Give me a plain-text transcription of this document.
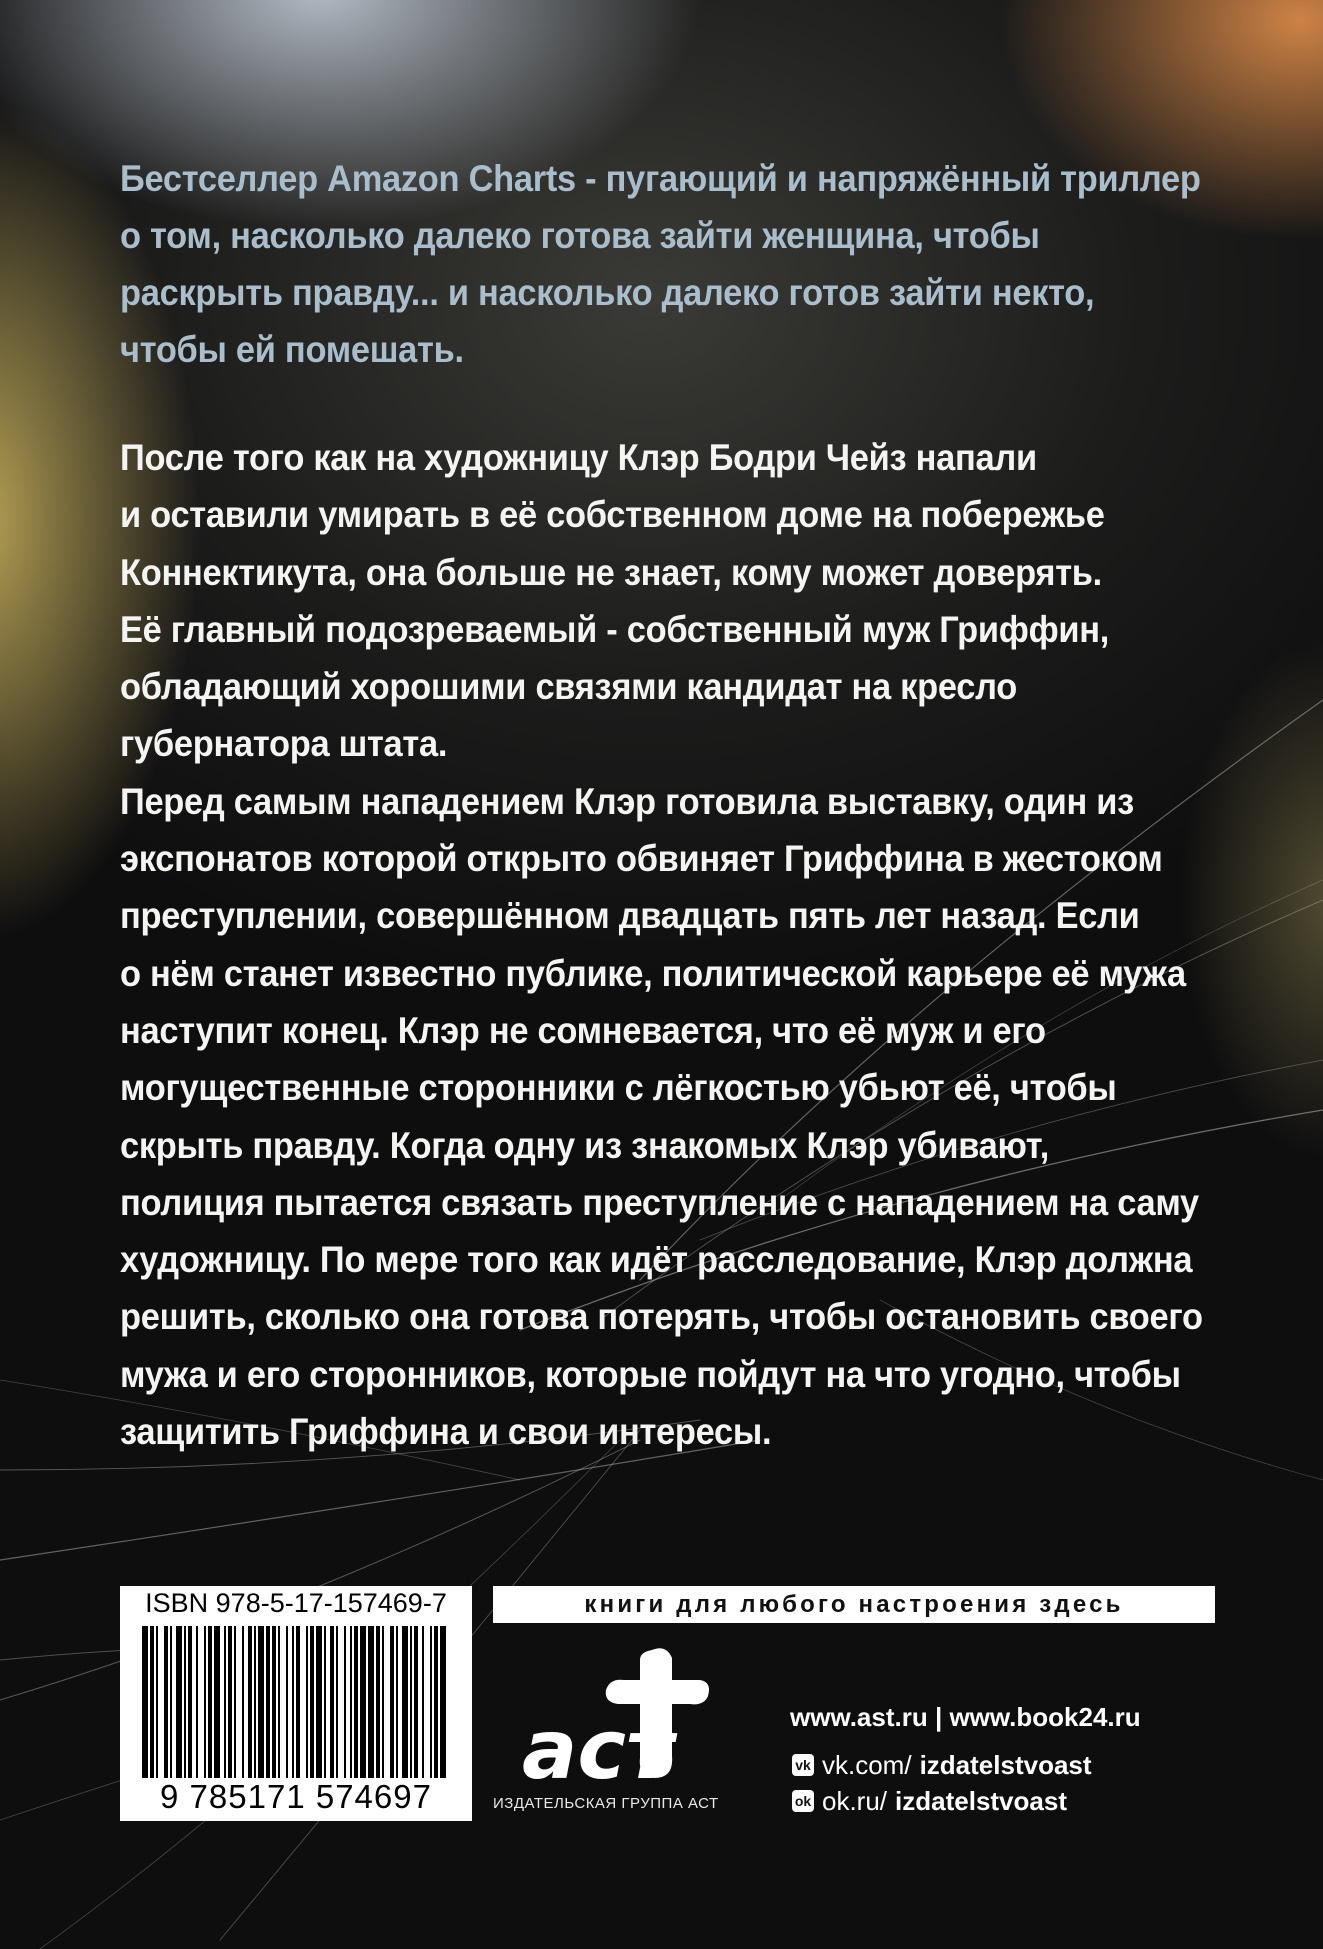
Бестселлер Amazon Charts - пугающий и напряжённый триллер
о том, насколько далеко готова зайти женщина, чтобы
раскрыть правду... и насколько далеко готов зайти некто,
чтобы ей помешать.
После того как на художницу Клэр Бодри Чейз напали
и оставили умирать в её собственном доме на побережье
Коннектикута, она больше не знает, кому может доверять.
Её главный подозреваемый - собственный муж Гриффин,
обладающий хорошими связями кандидат на кресло
губернатора штата.
Перед самым нападением Клэр готовила выставку, один из
экспонатов которой открыто обвиняет Гриффина в жестоком
преступлении, совершённом двадцать пять лет назад. Если
о нём станет известно публике, политической карьере её мужа
наступит конец. Клэр не сомневается, что её муж и его
могущественные сторонники с лёгкостью убьют её, чтобы
скрыть правду. Когда одну из знакомых Клэр убивают,
полиция пытается связать преступление с нападением на саму
художницу. По мере того как идёт расследование, Клэр должна
решить, сколько она готова потерять, чтобы остановить своего
мужа и его сторонников, которые пойдут на что угодно, чтобы
защитить Гриффина и свои интересы.
ISBN 978-5-17-157469-7
9 785171 574697
книги для любого настроения здесь
аст
ИЗДАТЕЛЬСКАЯ ГРУППА АСТ
www.ast.ru | www.book24.ru
vk vk.com/ izdatelstvoast
ok ok.ru/ izdatelstvoast
